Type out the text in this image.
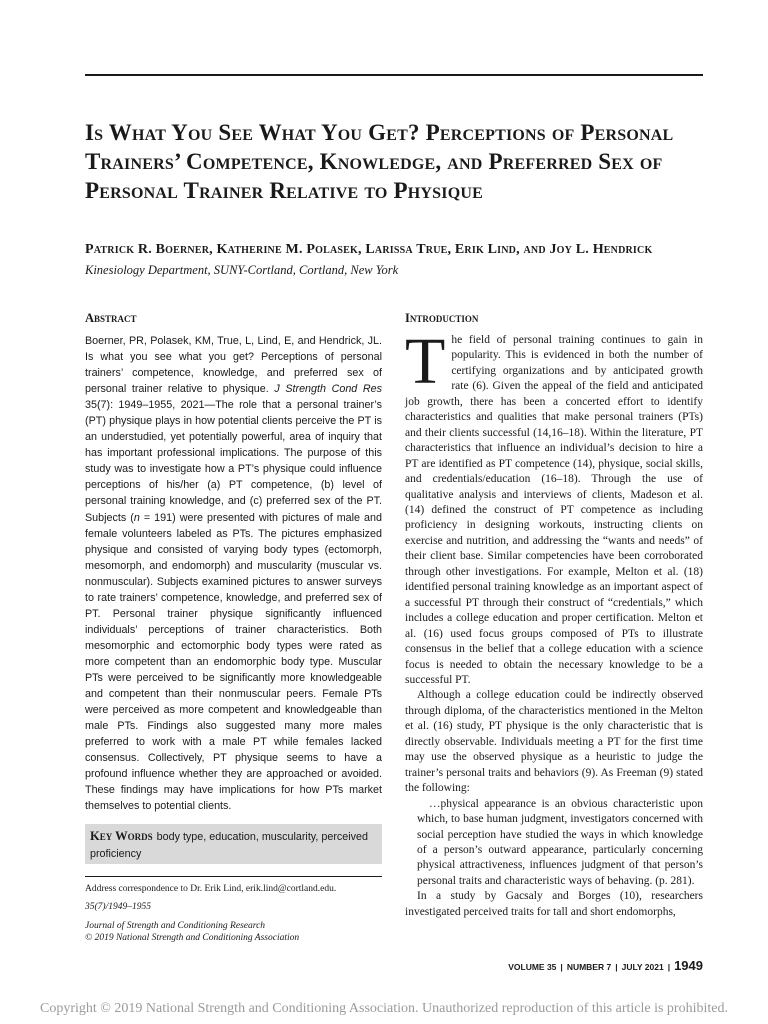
Is What You See What You Get? Perceptions of Personal Trainers’ Competence, Knowledge, and Preferred Sex of Personal Trainer Relative to Physique
Patrick R. Boerner, Katherine M. Polasek, Larissa True, Erik Lind, and Joy L. Hendrick
Kinesiology Department, SUNY-Cortland, Cortland, New York
Abstract
Boerner, PR, Polasek, KM, True, L, Lind, E, and Hendrick, JL. Is what you see what you get? Perceptions of personal trainers’ competence, knowledge, and preferred sex of personal trainer relative to physique. J Strength Cond Res 35(7): 1949–1955, 2021—The role that a personal trainer’s (PT) physique plays in how potential clients perceive the PT is an understudied, yet potentially powerful, area of inquiry that has important professional implications. The purpose of this study was to investigate how a PT’s physique could influence perceptions of his/her (a) PT competence, (b) level of personal training knowledge, and (c) preferred sex of the PT. Subjects (n = 191) were presented with pictures of male and female volunteers labeled as PTs. The pictures emphasized physique and consisted of varying body types (ectomorph, mesomorph, and endomorph) and muscularity (muscular vs. nonmuscular). Subjects examined pictures to answer surveys to rate trainers’ competence, knowledge, and preferred sex of PT. Personal trainer physique significantly influenced individuals’ perceptions of trainer characteristics. Both mesomorphic and ectomorphic body types were rated as more competent than an endomorphic body type. Muscular PTs were perceived to be significantly more knowledgeable and competent than their nonmuscular peers. Female PTs were perceived as more competent and knowledgeable than male PTs. Findings also suggested many more males preferred to work with a male PT while females lacked consensus. Collectively, PT physique seems to have a profound influence whether they are approached or avoided. These findings may have implications for how PTs market themselves to potential clients.
Key Words body type, education, muscularity, perceived proficiency
Address correspondence to Dr. Erik Lind, erik.lind@cortland.edu.
35(7)/1949–1955
Journal of Strength and Conditioning Research
© 2019 National Strength and Conditioning Association
Introduction

The field of personal training continues to gain in popularity. This is evidenced in both the number of certifying organizations and by anticipated growth rate (6). Given the appeal of the field and anticipated job growth, there has been a concerted effort to identify characteristics and qualities that make personal trainers (PTs) and their clients successful (14,16–18). Within the literature, PT characteristics that influence an individual’s decision to hire a PT are identified as PT competence (14), physique, social skills, and credentials/education (16–18). Through the use of qualitative analysis and interviews of clients, Madeson et al. (14) defined the construct of PT competence as including proficiency in designing workouts, instructing clients on exercise and nutrition, and addressing the “wants and needs” of their client base. Similar competencies have been corroborated through other investigations. For example, Melton et al. (18) identified personal training knowledge as an important aspect of a successful PT through their construct of “credentials,” which includes a college education and proper certification. Melton et al. (16) used focus groups composed of PTs to illustrate consensus in the belief that a college education with a science focus is needed to obtain the necessary knowledge to be a successful PT.

Although a college education could be indirectly observed through diploma, of the characteristics mentioned in the Melton et al. (16) study, PT physique is the only characteristic that is directly observable. Individuals meeting a PT for the first time may use the observed physique as a heuristic to judge the trainer’s personal traits and behaviors (9). As Freeman (9) stated the following:

…physical appearance is an obvious characteristic upon which, to base human judgment, investigators concerned with social perception have studied the ways in which knowledge of a person’s outward appearance, particularly concerning physical attractiveness, influences judgment of that person’s personal traits and characteristic ways of behaving. (p. 281).

In a study by Gacsaly and Borges (10), researchers investigated perceived traits for tall and short endomorphs,

VOLUME 35 | NUMBER 7 | JULY 2021 | 1949
Copyright © 2019 National Strength and Conditioning Association. Unauthorized reproduction of this article is prohibited.
